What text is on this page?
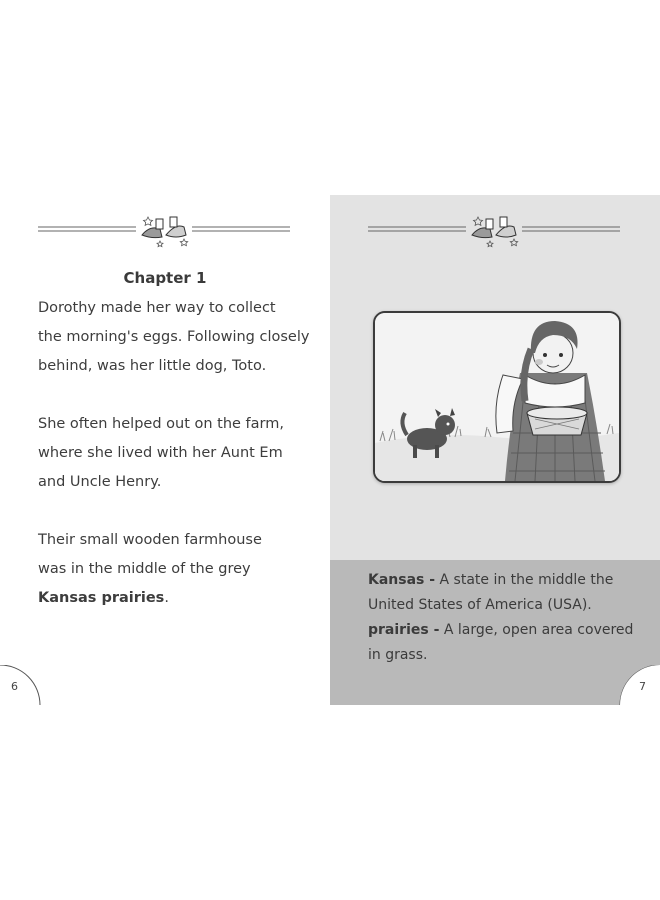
Chapter 1
Dorothy made her way to collect
the morning's eggs. Following closely
behind, was her little dog, Toto.
She often helped out on the farm,
where she lived with her Aunt Em
and Uncle Henry.
Their small wooden farmhouse
was in the middle of the grey
Kansas prairies.
6
Kansas - A state in the middle the
United States of America (USA).
prairies - A large, open area covered
in grass.
7
